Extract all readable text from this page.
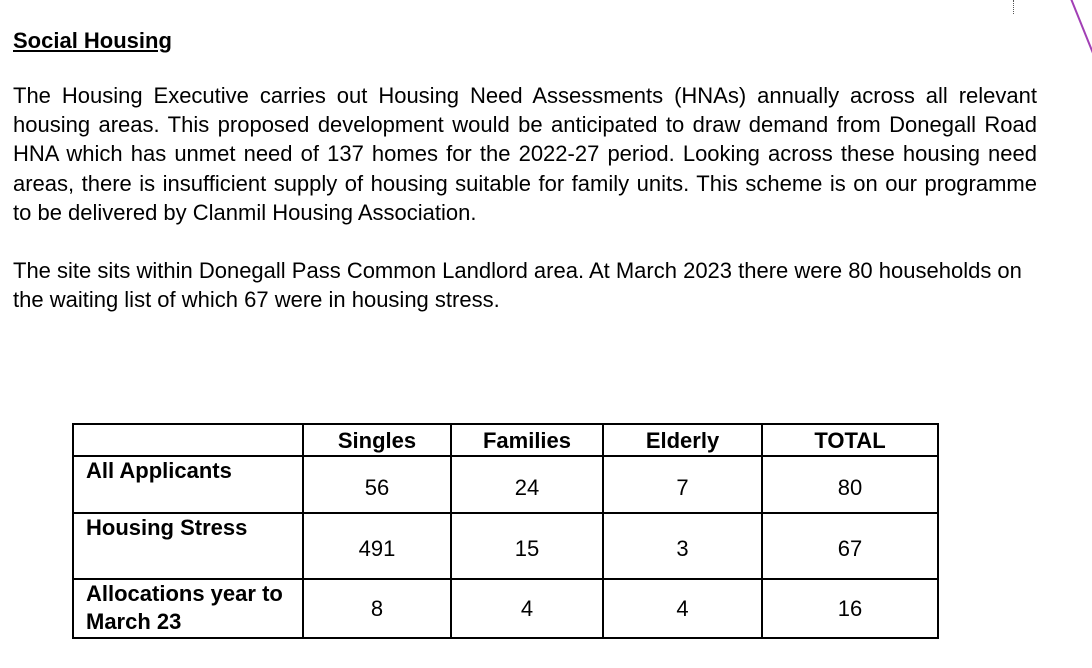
Social Housing

The Housing Executive carries out Housing Need Assessments (HNAs) annually across all relevant housing areas. This proposed development would be anticipated to draw demand from Donegall Road HNA which has unmet need of 137 homes for the 2022-27 period. Looking across these housing need areas, there is insufficient supply of housing suitable for family units. This scheme is on our programme to be delivered by Clanmil Housing Association.

The site sits within Donegall Pass Common Landlord area. At March 2023 there were 80 households on the waiting list of which 67 were in housing stress.

	Singles	Families	Elderly	TOTAL
All Applicants	56	24	7	80
Housing Stress	491	15	3	67
Allocations year to March 23	8	4	4	16
